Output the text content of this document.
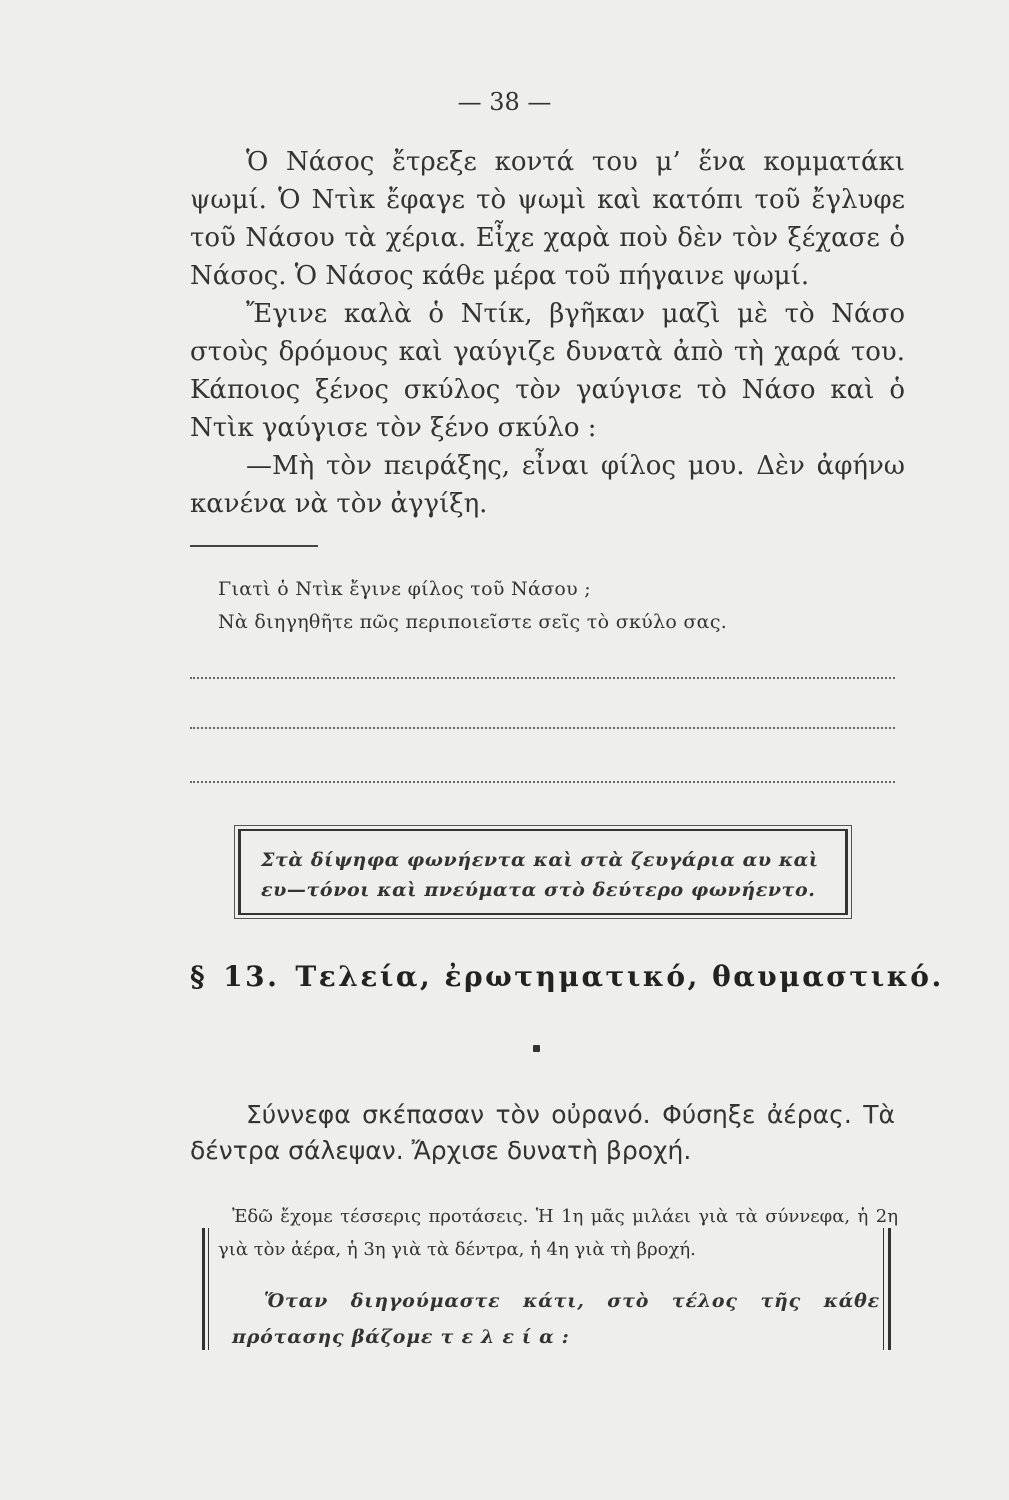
— 38 —

Ὁ Νάσος ἔτρεξε κοντά του μ’ ἕνα κομματάκι ψωμί. Ὁ Ντὶκ ἔφαγε τὸ ψωμὶ καὶ κατόπι τοῦ ἔγλυφε τοῦ Νάσου τὰ χέρια. Εἶχε χαρὰ ποὺ δὲν τὸν ξέχασε ὁ Νάσος. Ὁ Νάσος κάθε μέρα τοῦ πήγαινε ψωμί.

Ἔγινε καλὰ ὁ Ντίκ, βγῆκαν μαζὶ μὲ τὸ Νάσο στοὺς δρόμους καὶ γαύγιζε δυνατὰ ἀπὸ τὴ χαρά του. Κάποιος ξένος σκύλος τὸν γαύγισε τὸ Νάσο καὶ ὁ Ντὶκ γαύγισε τὸν ξένο σκύλο :

—Μὴ τὸν πειράξης, εἶναι φίλος μου. Δὲν ἀφήνω κανένα νὰ τὸν ἀγγίξη.

Γιατὶ ὁ Ντὶκ ἔγινε φίλος τοῦ Νάσου ;

Νὰ διηγηθῆτε πῶς περιποιεῖστε σεῖς τὸ σκύλο σας.

Στὰ δίψηφα φωνήεντα καὶ στὰ ζευγάρια αυ καὶ

ευ—τόνοι καὶ πνεύματα στὸ δεύτερο φωνήεντο.

§ 13. Τελεία, ἐρωτηματικό, θαυμαστικό.

Σύννεφα σκέπασαν τὸν οὐρανό. Φύσηξε ἀέρας. Τὰ δέντρα σάλεψαν. Ἄρχισε δυνατὴ βροχή.

Ἐδῶ ἔχομε τέσσερις προτάσεις. Ἡ 1η μᾶς μιλάει γιὰ τὰ σύννεφα, ἡ 2η γιὰ τὸν ἀέρα, ἡ 3η γιὰ τὰ δέντρα, ἡ 4η γιὰ τὴ βροχή.

Ὅταν διηγούμαστε κάτι, στὸ τέλος τῆς κάθε πρότασης βάζομε τελεία:
